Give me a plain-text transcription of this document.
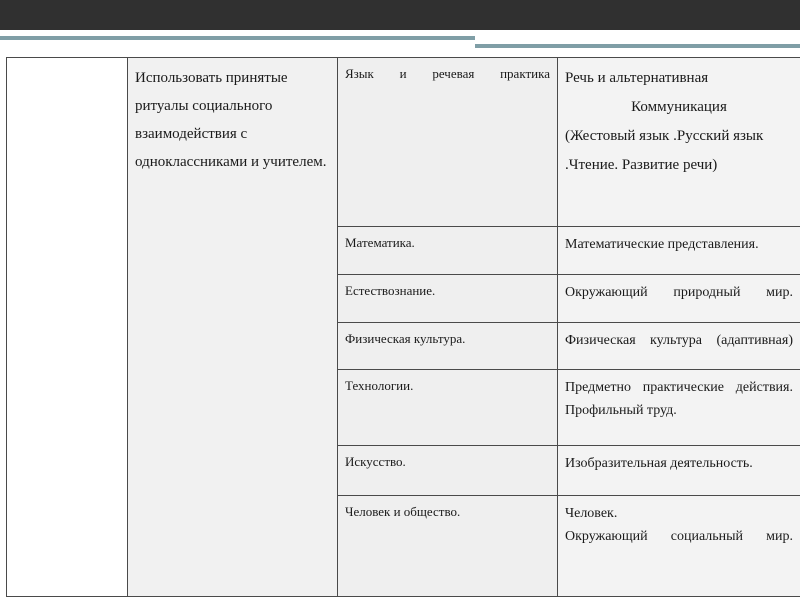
	Использовать принятые ритуалы социального взаимодействия с одноклассниками и учителем.	Язык и речевая практика	Речь и альтернативная
Коммуникация
(Жестовый язык .Русский язык .Чтение. Развитие речи)

		Математика.	Математические представления.

		Естествознание.	Окружающий природный мир.

		Физическая культура.	Физическая культура (адаптивная)

		Технологии.	Предметно практические действия.
Профильный труд.

		Искусство.	Изобразительная деятельность.

		Человек и общество.	Человек.
Окружающий социальный мир.
